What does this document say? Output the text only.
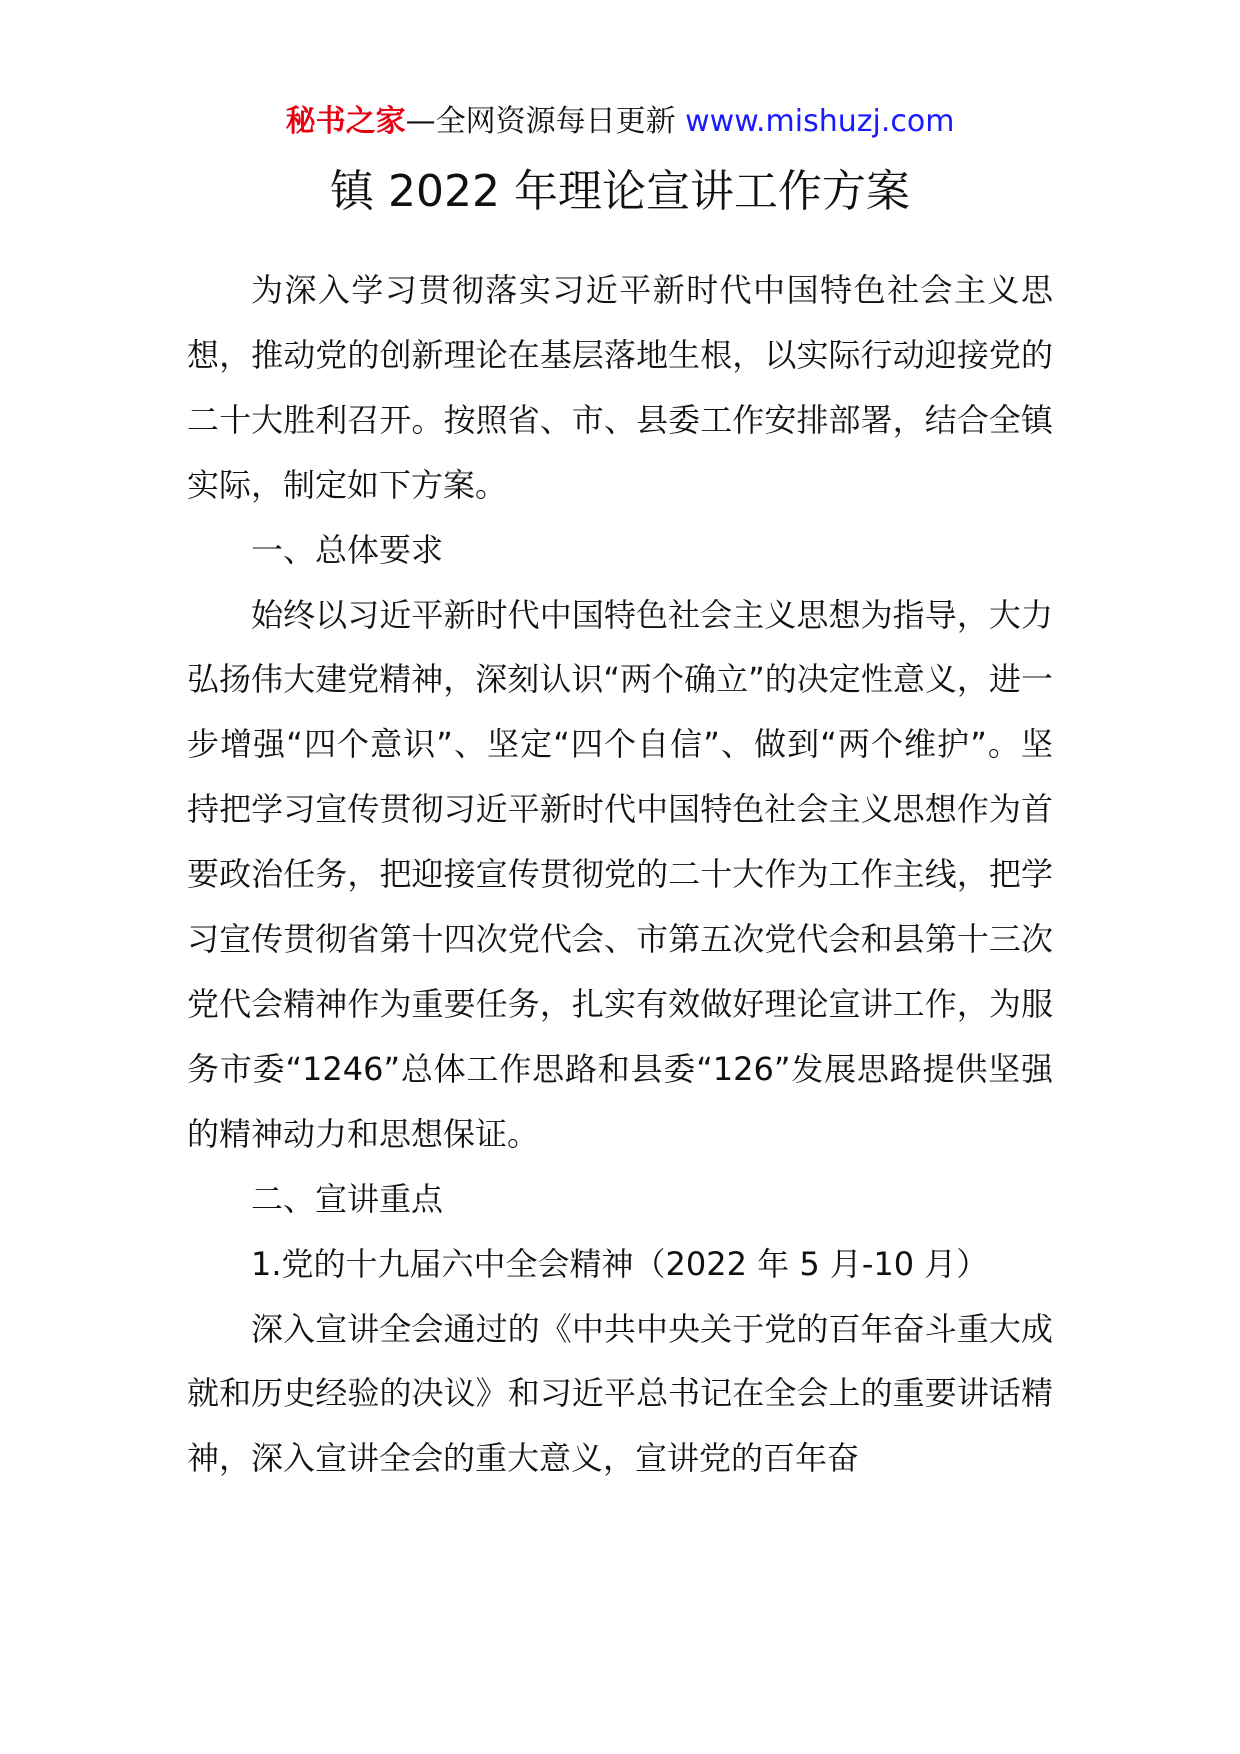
秘书之家—全网资源每日更新 www.mishuzj.com
镇 2022 年理论宣讲工作方案

为深入学习贯彻落实习近平新时代中国特色社会主义思想，推动党的创新理论在基层落地生根，以实际行动迎接党的二十大胜利召开。按照省、市、县委工作安排部署，结合全镇实际，制定如下方案。

一、总体要求

始终以习近平新时代中国特色社会主义思想为指导，大力弘扬伟大建党精神，深刻认识“两个确立”的决定性意义，进一步增强“四个意识”、坚定“四个自信”、做到“两个维护”。坚持把学习宣传贯彻习近平新时代中国特色社会主义思想作为首要政治任务，把迎接宣传贯彻党的二十大作为工作主线，把学习宣传贯彻省第十四次党代会、市第五次党代会和县第十三次党代会精神作为重要任务，扎实有效做好理论宣讲工作，为服务市委“1246”总体工作思路和县委“126”发展思路提供坚强的精神动力和思想保证。

二、宣讲重点

1.党的十九届六中全会精神（2022 年 5 月-10 月）

深入宣讲全会通过的《中共中央关于党的百年奋斗重大成就和历史经验的决议》和习近平总书记在全会上的重要讲话精神，深入宣讲全会的重大意义，宣讲党的百年奋
